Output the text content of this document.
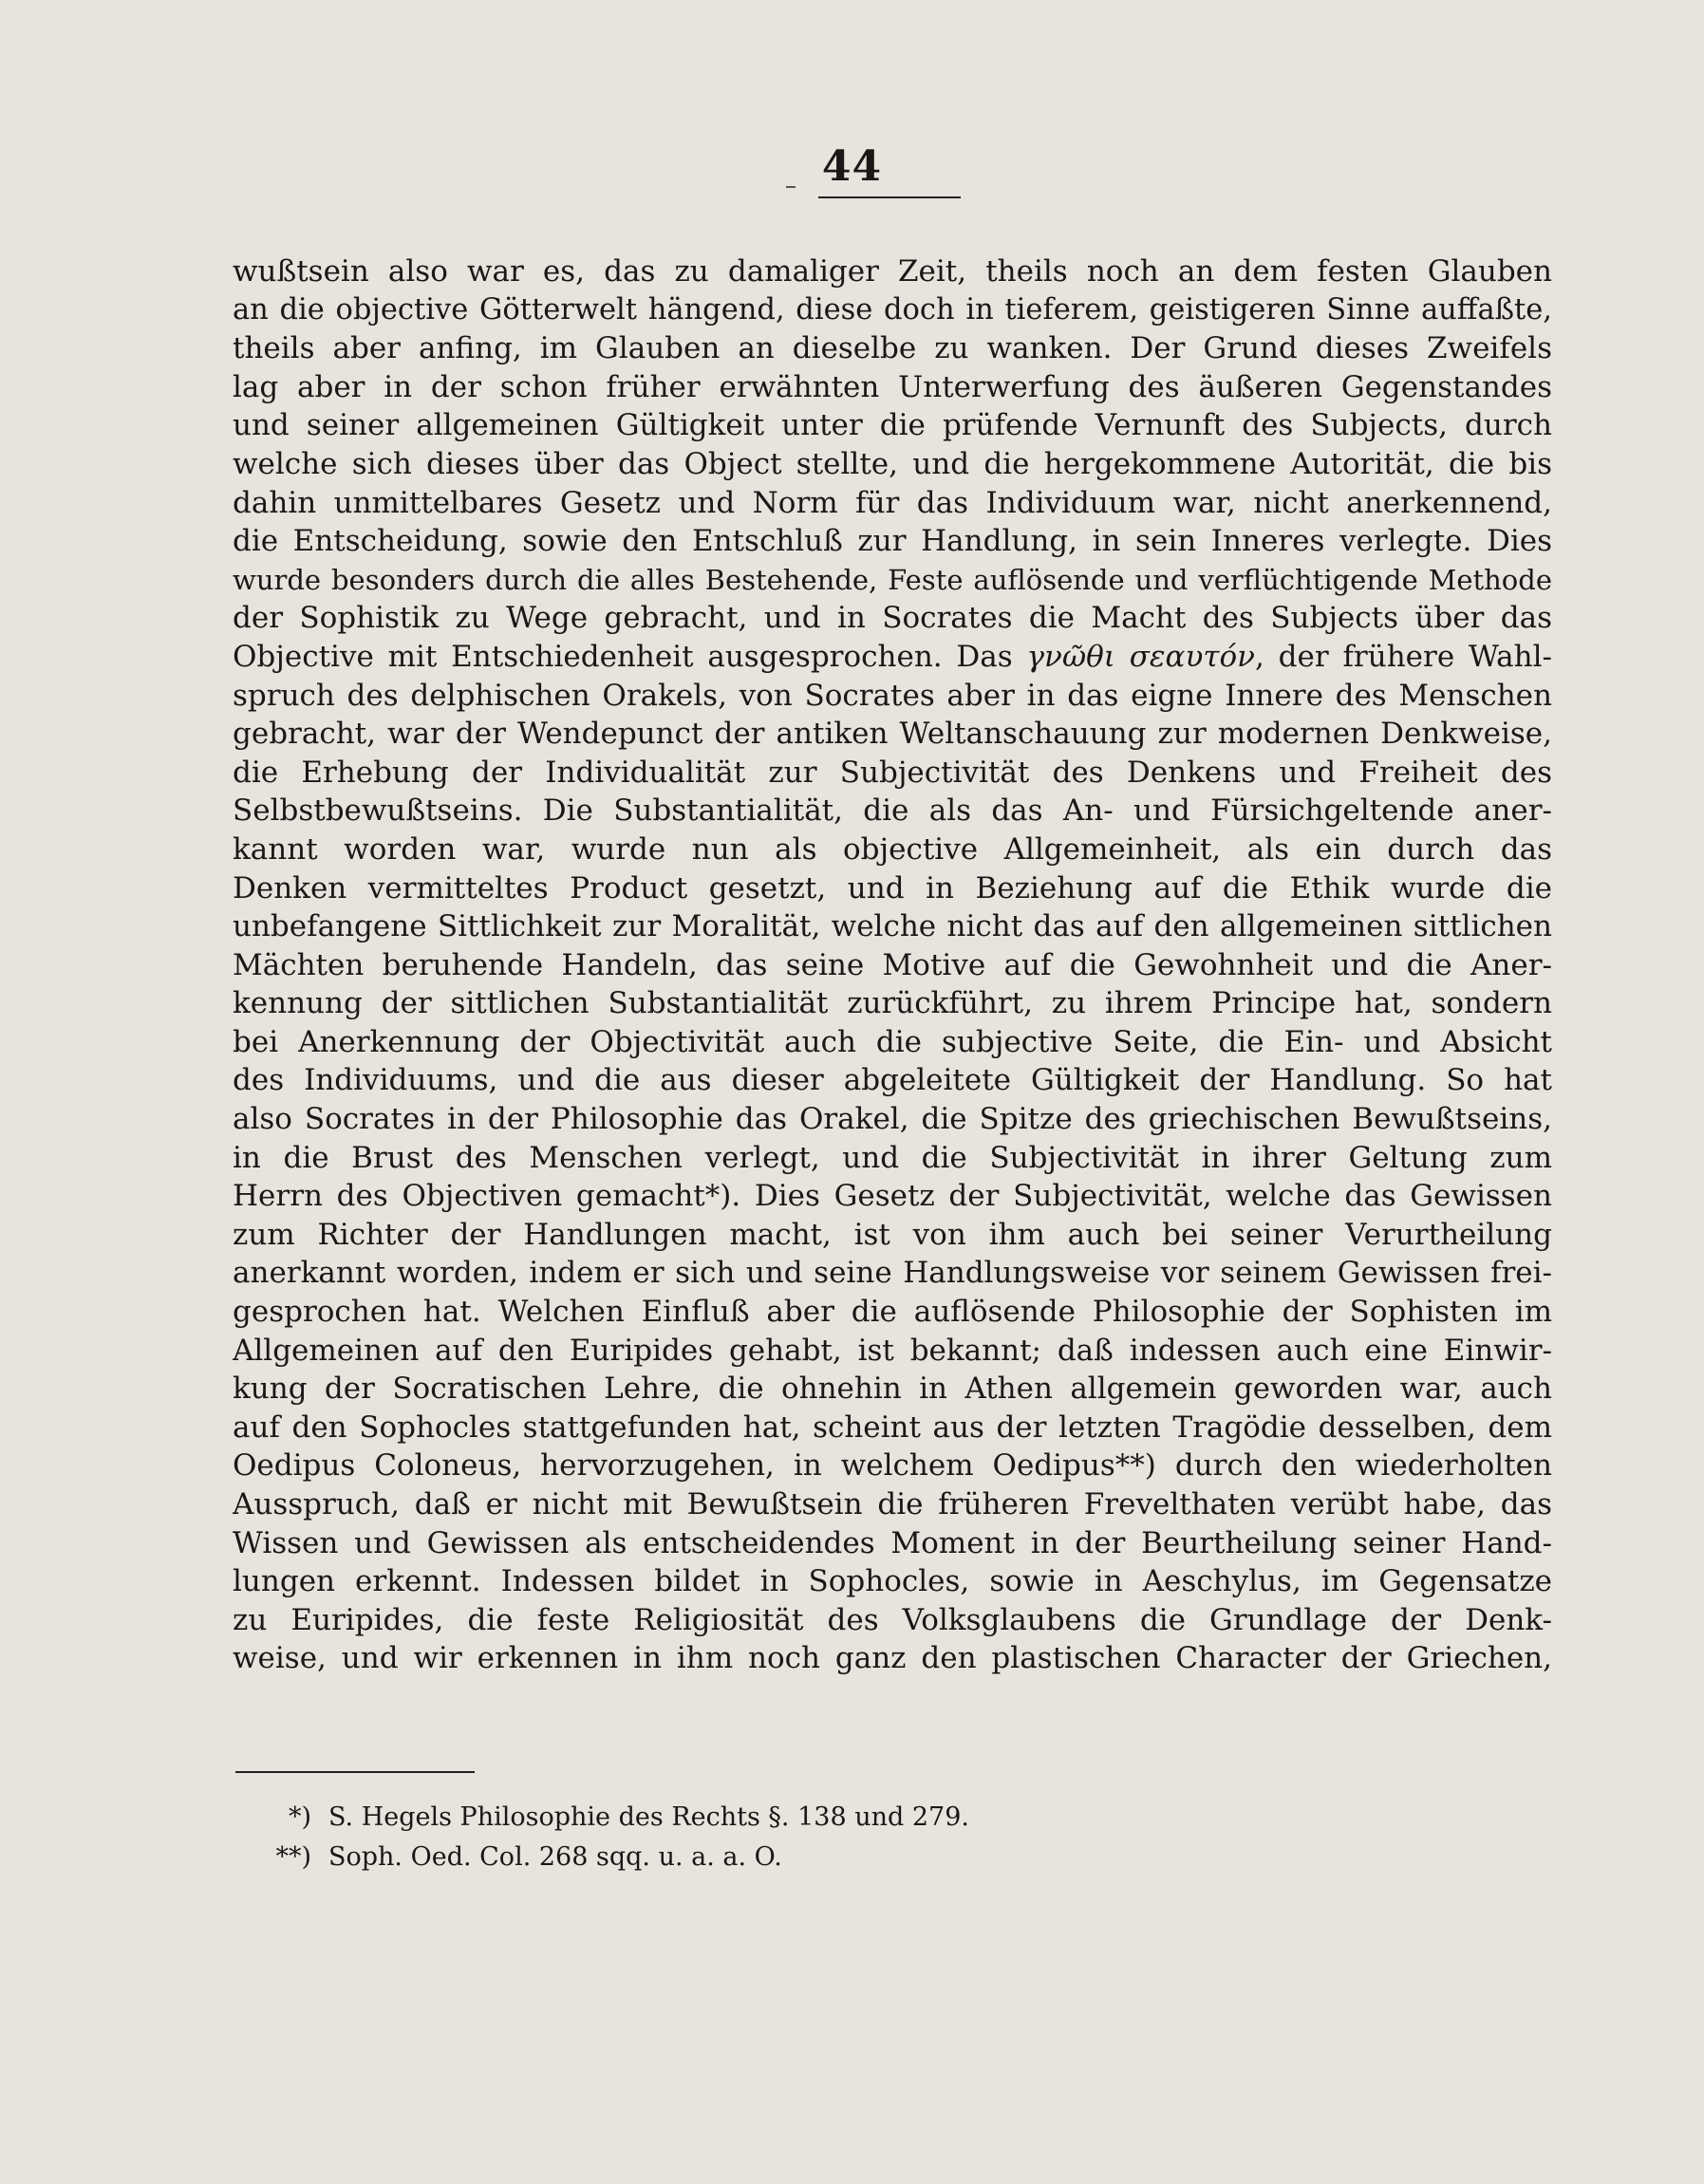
44
wußtsein also war es, das zu damaliger Zeit, theils noch an dem festen Glauben
an die objective Götterwelt hängend, diese doch in tieferem, geistigeren Sinne auffaßte,
theils aber anfing, im Glauben an dieselbe zu wanken. Der Grund dieses Zweifels
lag aber in der schon früher erwähnten Unterwerfung des äußeren Gegenstandes
und seiner allgemeinen Gültigkeit unter die prüfende Vernunft des Subjects, durch
welche sich dieses über das Object stellte, und die hergekommene Autorität, die bis
dahin unmittelbares Gesetz und Norm für das Individuum war, nicht anerkennend,
die Entscheidung, sowie den Entschluß zur Handlung, in sein Inneres verlegte. Dies
wurde besonders durch die alles Bestehende, Feste auflösende und verflüchtigende Methode
der Sophistik zu Wege gebracht, und in Socrates die Macht des Subjects über das
Objective mit Entschiedenheit ausgesprochen. Das γνῶθι σεαυτόν, der frühere Wahl-
spruch des delphischen Orakels, von Socrates aber in das eigne Innere des Menschen
gebracht, war der Wendepunct der antiken Weltanschauung zur modernen Denkweise,
die Erhebung der Individualität zur Subjectivität des Denkens und Freiheit des
Selbstbewußtseins. Die Substantialität, die als das An- und Fürsichgeltende aner-
kannt worden war, wurde nun als objective Allgemeinheit, als ein durch das
Denken vermitteltes Product gesetzt, und in Beziehung auf die Ethik wurde die
unbefangene Sittlichkeit zur Moralität, welche nicht das auf den allgemeinen sittlichen
Mächten beruhende Handeln, das seine Motive auf die Gewohnheit und die Aner-
kennung der sittlichen Substantialität zurückführt, zu ihrem Principe hat, sondern
bei Anerkennung der Objectivität auch die subjective Seite, die Ein- und Absicht
des Individuums, und die aus dieser abgeleitete Gültigkeit der Handlung. So hat
also Socrates in der Philosophie das Orakel, die Spitze des griechischen Bewußtseins,
in die Brust des Menschen verlegt, und die Subjectivität in ihrer Geltung zum
Herrn des Objectiven gemacht*). Dies Gesetz der Subjectivität, welche das Gewissen
zum Richter der Handlungen macht, ist von ihm auch bei seiner Verurtheilung
anerkannt worden, indem er sich und seine Handlungsweise vor seinem Gewissen frei-
gesprochen hat. Welchen Einfluß aber die auflösende Philosophie der Sophisten im
Allgemeinen auf den Euripides gehabt, ist bekannt; daß indessen auch eine Einwir-
kung der Socratischen Lehre, die ohnehin in Athen allgemein geworden war, auch
auf den Sophocles stattgefunden hat, scheint aus der letzten Tragödie desselben, dem
Oedipus Coloneus, hervorzugehen, in welchem Oedipus**) durch den wiederholten
Ausspruch, daß er nicht mit Bewußtsein die früheren Frevelthaten verübt habe, das
Wissen und Gewissen als entscheidendes Moment in der Beurtheilung seiner Hand-
lungen erkennt. Indessen bildet in Sophocles, sowie in Aeschylus, im Gegensatze
zu Euripides, die feste Religiosität des Volksglaubens die Grundlage der Denk-
weise, und wir erkennen in ihm noch ganz den plastischen Character der Griechen,
*) S. Hegels Philosophie des Rechts §. 138 und 279.
**) Soph. Oed. Col. 268 sqq. u. a. a. O.
